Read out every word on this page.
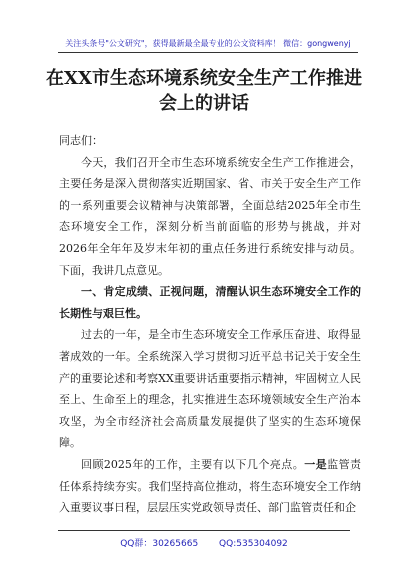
关注头条号"公文研究"，获得最新最全最专业的公文资料库！ 微信：gongwenyj
在XX市生态环境系统安全生产工作推进
会上的讲话

同志们：

今天，我们召开全市生态环境系统安全生产工作推进会，主要任务是深入贯彻落实近期国家、省、市关于安全生产工作的一系列重要会议精神与决策部署，全面总结2025年全市生态环境安全工作，深刻分析当前面临的形势与挑战，并对2026年全年年及岁末年初的重点任务进行系统安排与动员。下面，我讲几点意见。

一、肯定成绩、正视问题，清醒认识生态环境安全工作的长期性与艰巨性。

过去的一年，是全市生态环境安全工作承压奋进、取得显著成效的一年。全系统深入学习贯彻习近平总书记关于安全生产的重要论述和考察XX重要讲话重要指示精神，牢固树立人民至上、生命至上的理念，扎实推进生态环境领域安全生产治本攻坚，为全市经济社会高质量发展提供了坚实的生态环境保障。

回顾2025年的工作，主要有以下几个亮点。一是监管责任体系持续夯实。我们坚持高位推动，将生态环境安全工作纳入重要议事日程，层层压实党政领导责任、部门监管责任和企

QQ群：30265665 QQ:535304092
